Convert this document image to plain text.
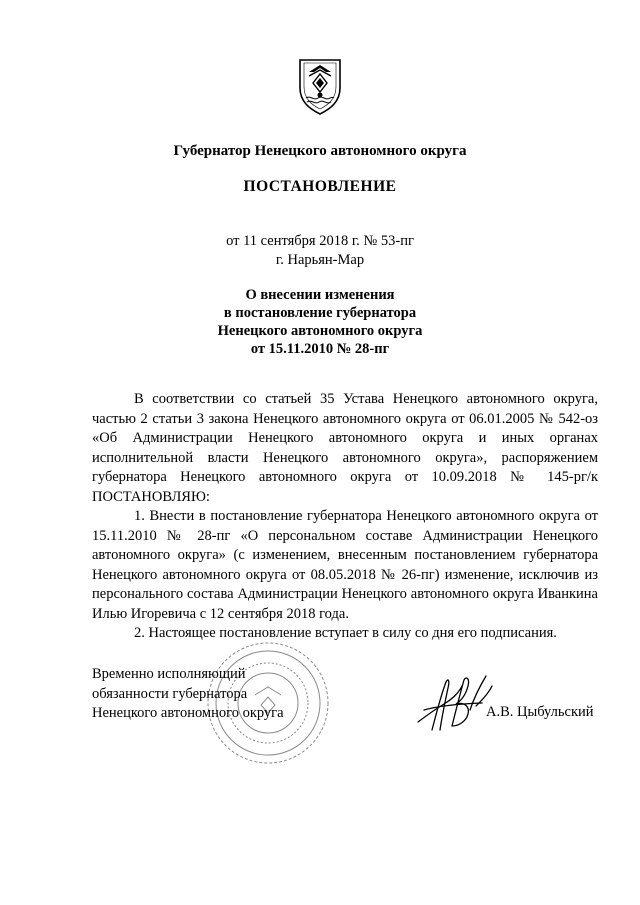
Губернатор Ненецкого автономного округа
ПОСТАНОВЛЕНИЕ
от 11 сентября 2018 г. № 53-пг
г. Нарьян-Мар
О внесении изменения
в постановление губернатора
Ненецкого автономного округа
от 15.11.2010 № 28-пг

В соответствии со статьей 35 Устава Ненецкого автономного округа, частью 2 статьи 3 закона Ненецкого автономного округа от 06.01.2005 № 542-оз «Об Администрации Ненецкого автономного округа и иных органах исполнительной власти Ненецкого автономного округа», распоряжением губернатора Ненецкого автономного округа от 10.09.2018 № 145-рг/к ПОСТАНОВЛЯЮ:

1. Внести в постановление губернатора Ненецкого автономного округа от 15.11.2010 № 28-пг «О персональном составе Администрации Ненецкого автономного округа» (с изменением, внесенным постановлением губернатора Ненецкого автономного округа от 08.05.2018 № 26-пг) изменение, исключив из персонального состава Администрации Ненецкого автономного округа Иванкина Илью Игоревича с 12 сентября 2018 года.

2. Настоящее постановление вступает в силу со дня его подписания.

Временно исполняющий
обязанности губернатора
Ненецкого автономного округа	А.В. Цыбульский
